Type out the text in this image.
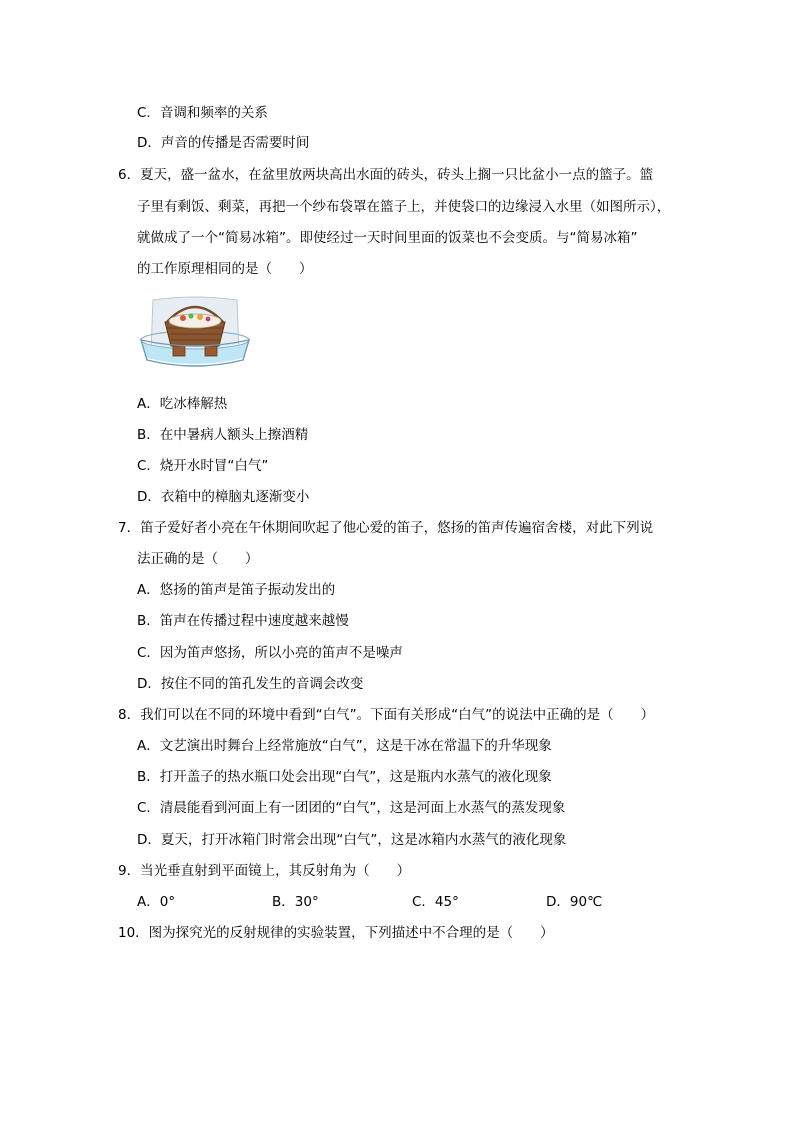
C．音调和频率的关系
D．声音的传播是否需要时间
6．夏天，盛一盆水，在盆里放两块高出水面的砖头，砖头上搁一只比盆小一点的篮子。篮
子里有剩饭、剩菜，再把一个纱布袋罩在篮子上，并使袋口的边缘浸入水里（如图所示），
就做成了一个“简易冰箱”。即使经过一天时间里面的饭菜也不会变质。与“简易冰箱”
的工作原理相同的是（　　）
A．吃冰棒解热
B．在中暑病人额头上擦酒精
C．烧开水时冒“白气”
D．衣箱中的樟脑丸逐渐变小
7．笛子爱好者小亮在午休期间吹起了他心爱的笛子，悠扬的笛声传遍宿舍楼，对此下列说
法正确的是（　　）
A．悠扬的笛声是笛子振动发出的
B．笛声在传播过程中速度越来越慢
C．因为笛声悠扬，所以小亮的笛声不是噪声
D．按住不同的笛孔发生的音调会改变
8．我们可以在不同的环境中看到“白气”。下面有关形成“白气”的说法中正确的是（　　）
A．文艺演出时舞台上经常施放“白气”，这是干冰在常温下的升华现象
B．打开盖子的热水瓶口处会出现“白气”，这是瓶内水蒸气的液化现象
C．清晨能看到河面上有一团团的“白气”，这是河面上水蒸气的蒸发现象
D．夏天，打开冰箱门时常会出现“白气”，这是冰箱内水蒸气的液化现象
9．当光垂直射到平面镜上，其反射角为（　　）
A．0°	B．30°	C．45°	D．90℃
10．图为探究光的反射规律的实验装置，下列描述中不合理的是（　　）
